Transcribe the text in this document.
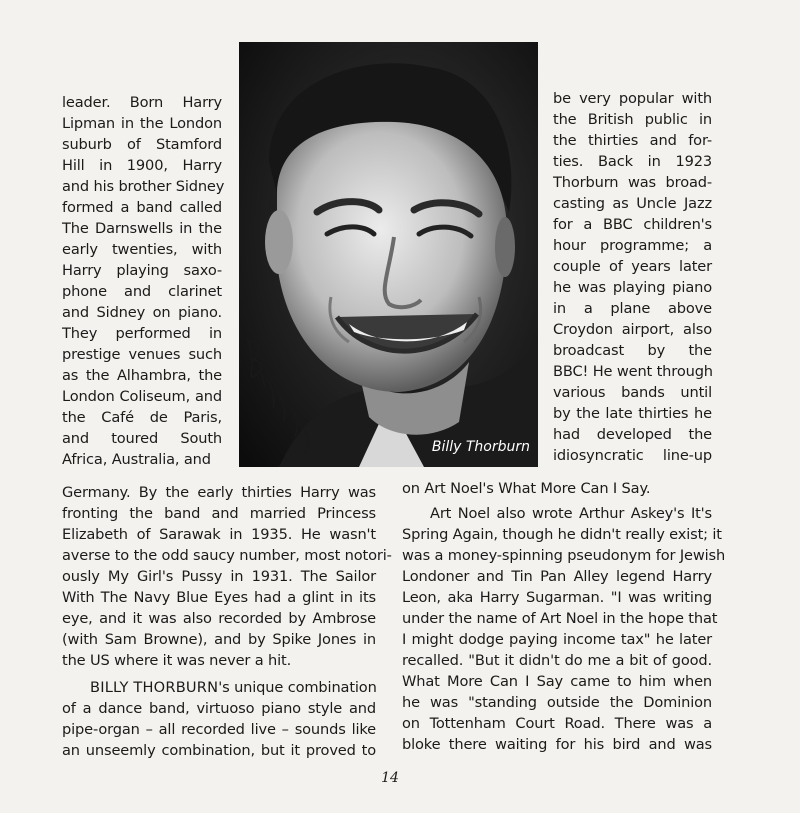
leader. Born Harry
Lipman in the London
suburb of Stamford
Hill in 1900, Harry
and his brother Sidney
formed a band called
The Darnswells in the
early twenties, with
Harry playing saxo-
phone and clarinet
and Sidney on piano.
They performed in
prestige venues such
as the Alhambra, the
London Coliseum, and
the Café de Paris,
and toured South
Africa, Australia, and
Billy Thorburn
be very popular with
the British public in
the thirties and for-
ties. Back in 1923
Thorburn was broad-
casting as Uncle Jazz
for a BBC children's
hour programme; a
couple of years later
he was playing piano
in a plane above
Croydon airport, also
broadcast by the
BBC! He went through
various bands until
by the late thirties he
had developed the
idiosyncratic line-up
Germany. By the early thirties Harry was
fronting the band and married Princess
Elizabeth of Sarawak in 1935. He wasn't
averse to the odd saucy number, most notori-
ously My Girl's Pussy in 1931. The Sailor
With The Navy Blue Eyes had a glint in its
eye, and it was also recorded by Ambrose
(with Sam Browne), and by Spike Jones in
the US where it was never a hit.
BILLY THORBURN's unique combination
of a dance band, virtuoso piano style and
pipe-organ – all recorded live – sounds like
an unseemly combination, but it proved to
on Art Noel's What More Can I Say.
Art Noel also wrote Arthur Askey's It's
Spring Again, though he didn't really exist; it
was a money-spinning pseudonym for Jewish
Londoner and Tin Pan Alley legend Harry
Leon, aka Harry Sugarman. "I was writing
under the name of Art Noel in the hope that
I might dodge paying income tax" he later
recalled. "But it didn't do me a bit of good.
What More Can I Say came to him when
he was "standing outside the Dominion
on Tottenham Court Road. There was a
bloke there waiting for his bird and was
14
